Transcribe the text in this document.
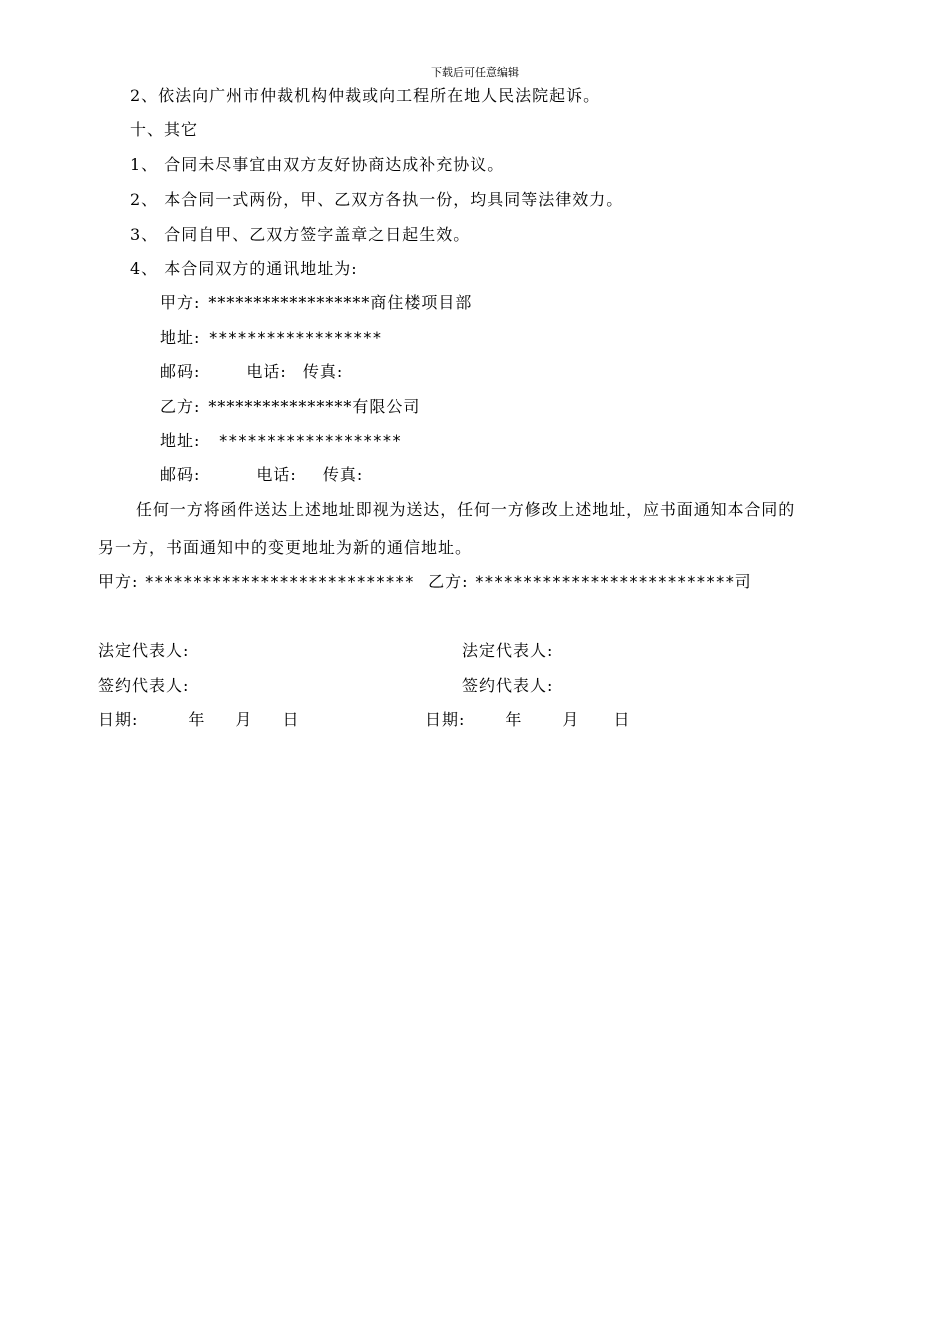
下载后可任意编辑
2、依法向广州市仲裁机构仲裁或向工程所在地人民法院起诉。
十、其它
1、 合同未尽事宜由双方友好协商达成补充协议。
2、 本合同一式两份，甲、乙双方各执一份，均具同等法律效力。
3、 合同自甲、乙双方签字盖章之日起生效。
4、 本合同双方的通讯地址为:
甲方: ******************商住楼项目部
地址: ******************
邮码:	电话: 传真:
乙方: ****************有限公司
地址: *******************
邮码:	电话: 传真:
任何一方将函件送达上述地址即视为送达，任何一方修改上述地址，应书面通知本合同的
另一方，书面通知中的变更地址为新的通信地址。
甲方: **************************** 乙方: ***************************司
法定代表人:	法定代表人:
签约代表人:	签约代表人:
日期:	年 月 日	日期:	年	月 日
